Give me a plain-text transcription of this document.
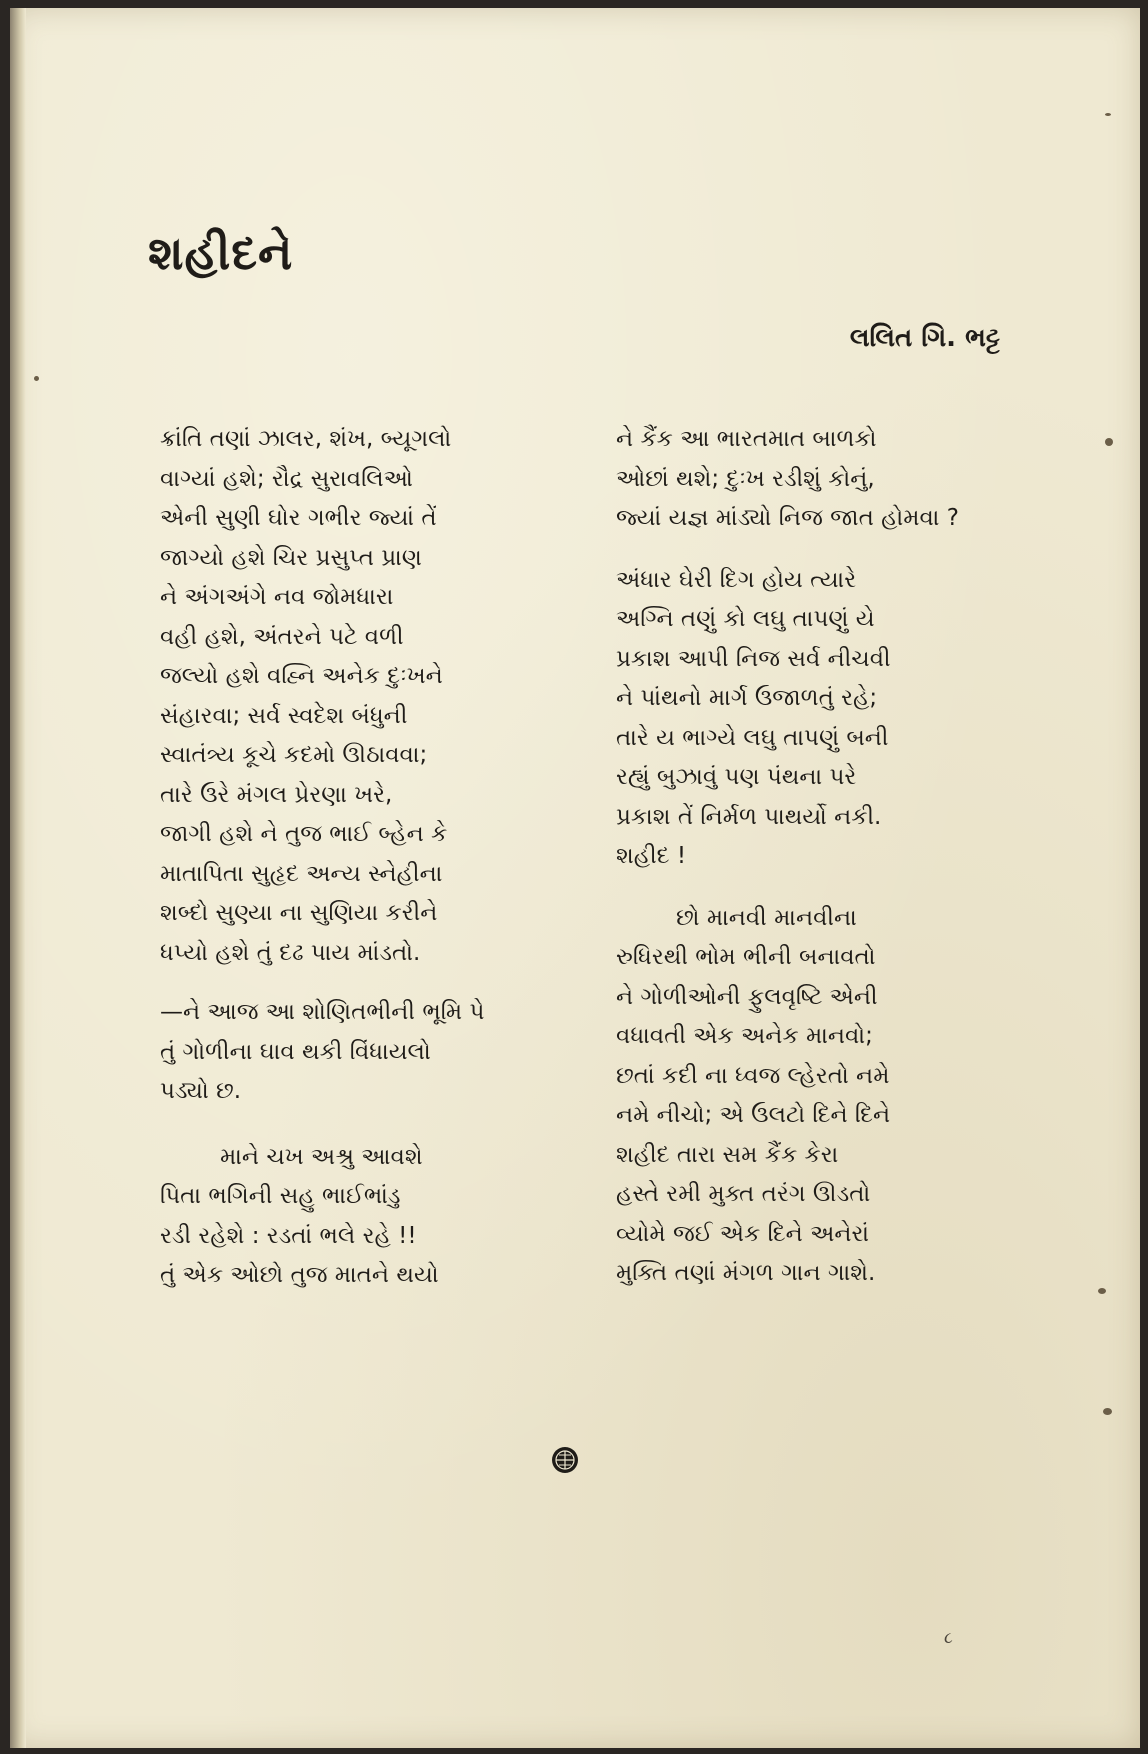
શહીદને
લલિત ગિ. ભટ્ટ
ક્રાંતિ તણાં ઝાલર, શંખ, બ્યૂગલો
વાગ્યાં હશે; રૌદ્ર સુરાવલિઓ
એની સુણી ઘોર ગભીર જ્યાં તેં
જાગ્યો હશે ચિર પ્રસુપ્ત પ્રાણ
ને અંગઅંગે નવ જોમધારા
વહી હશે, અંતરને પટે વળી
જલ્યો હશે વહ્નિ અનેક દુઃખને
સંહારવા; સર્વ સ્વદેશ બંધુની
સ્વાતંત્ર્ય કૂચે કદમો ઊઠાવવા;
તારે ઉરે મંગલ પ્રેરણા ખરે,
જાગી હશે ને તુજ ભાઈ બ્હેન કે
માતાપિતા સુહૃદ અન્ય સ્નેહીના
શબ્દો સુણ્યા ના સુણિયા કરીને
ધપ્યો હશે તું દઢ પાય માંડતો.
—ને આજ આ શોણિતભીની ભૂમિ પે
તું ગોળીના ઘાવ થકી વિંધાયલો
પડ્યો છ.
માને ચખ અશ્રુ આવશે
પિતા ભગિની સહુ ભાઈભાંડુ
રડી રહેશે : રડતાં ભલે રહે !!
તું એક ઓછો તુજ માતને થયો
ને કૈંક આ ભારતમાત બાળકો
ઓછાં થશે; દુઃખ રડીશું કોનું,
જ્યાં યજ્ઞ માંડ્યો નિજ જાત હોમવા ?
અંધાર ઘેરી દિગ હોય ત્યારે
અગ્નિ તણું કો લઘુ તાપણું યે
પ્રકાશ આપી નિજ સર્વ નીચવી
ને પાંથનો માર્ગ ઉજાળતું રહે;
તારે ય ભાગ્યે લઘુ તાપણું બની
રહ્યું બુઝાવું પણ પંથના પરે
પ્રકાશ તેં નિર્મળ પાથર્યો નકી.
શહીદ !
છો માનવી માનવીના
રુધિરથી ભોમ ભીની બનાવતો
ને ગોળીઓની ફુલવૃષ્ટિ એની
વધાવતી એક અનેક માનવો;
છતાં કદી ના ધ્વજ લ્હેરતો નમે
નમે નીચો; એ ઉલટો દિને દિને
શહીદ તારા સમ કૈંક કેરા
હસ્તે રમી મુક્ત તરંગ ઊડતો
વ્યોમે જઈ એક દિને અનેરાં
મુક્તિ તણાં મંગળ ગાન ગાશે.
૮
